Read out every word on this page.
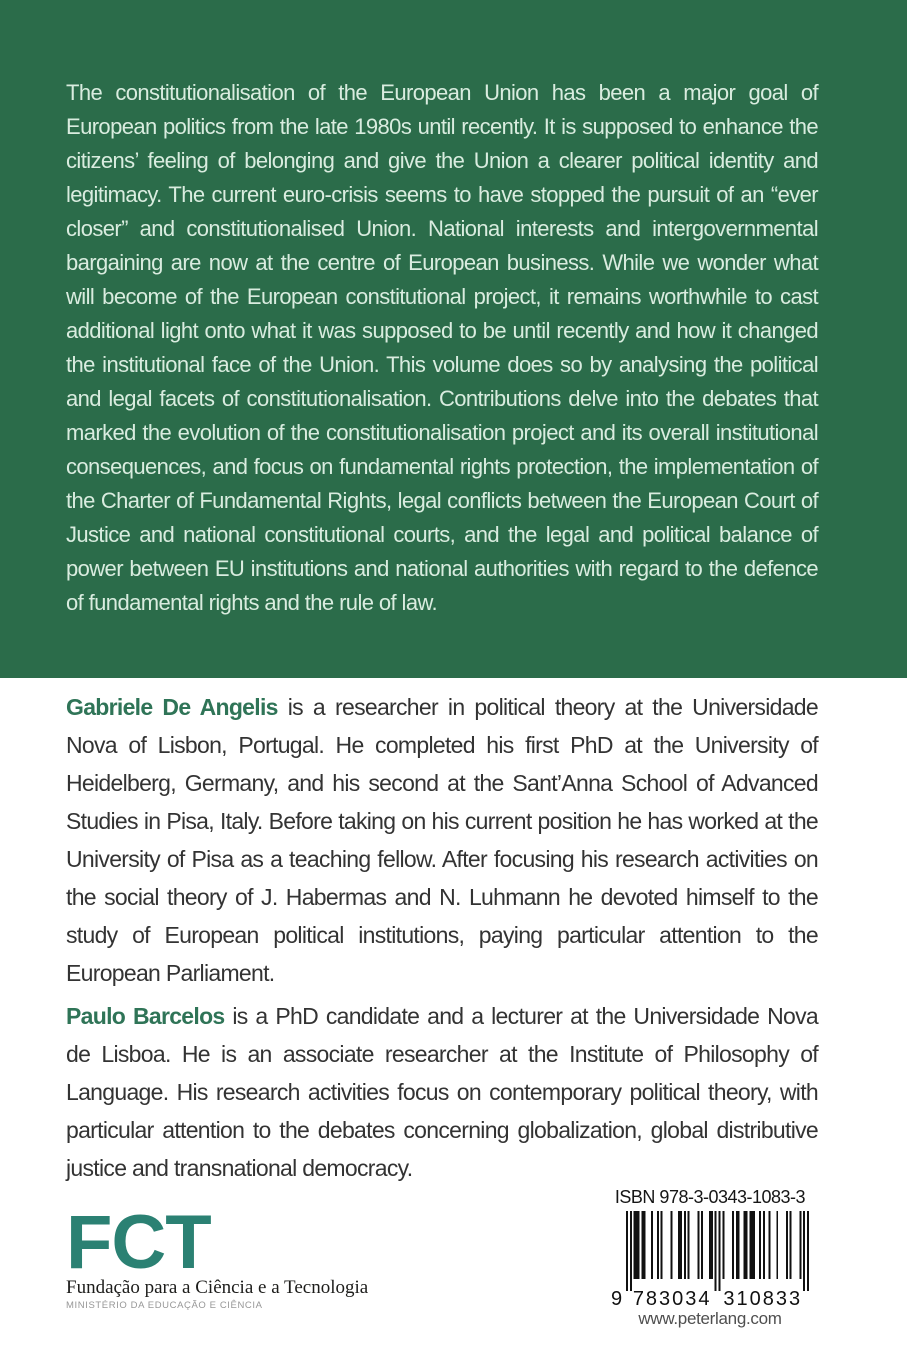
The constitutionalisation of the European Union has been a major goal of European politics from the late 1980s until recently. It is supposed to enhance the citizens’ feeling of belonging and give the Union a clearer political identity and legitimacy. The current euro-crisis seems to have stopped the pursuit of an “ever closer” and constitutionalised Union. National interests and intergovernmental bargaining are now at the centre of European business. While we wonder what will become of the European constitutional project, it remains worthwhile to cast additional light onto what it was supposed to be until recently and how it changed the institutional face of the Union. This volume does so by analysing the political and legal facets of constitutionalisation. Contributions delve into the debates that marked the evolution of the constitutionalisation project and its overall institutional consequences, and focus on fundamental rights protection, the implementation of the Charter of Fundamental Rights, legal conflicts between the European Court of Justice and national constitutional courts, and the legal and political balance of power between EU institutions and national authorities with regard to the defence of fundamental rights and the rule of law.

Gabriele De Angelis is a researcher in political theory at the Universidade Nova of Lisbon, Portugal. He completed his first PhD at the University of Heidelberg, Germany, and his second at the Sant’Anna School of Advanced Studies in Pisa, Italy. Before taking on his current position he has worked at the University of Pisa as a teaching fellow. After focusing his research activities on the social theory of J. Habermas and N. Luhmann he devoted himself to the study of European political institutions, paying particular attention to the European Parliament.

Paulo Barcelos is a PhD candidate and a lecturer at the Universidade Nova de Lisboa. He is an associate researcher at the Institute of Philosophy of Language. His research activities focus on contemporary political theory, with particular attention to the debates concerning globalization, global distributive justice and transnational democracy.

FCT
Fundação para a Ciência e a Tecnologia
MINISTÉRIO DA EDUCAÇÃO E CIÊNCIA
ISBN 978-3-0343-1083-3
9 783034 310833
www.peterlang.com
